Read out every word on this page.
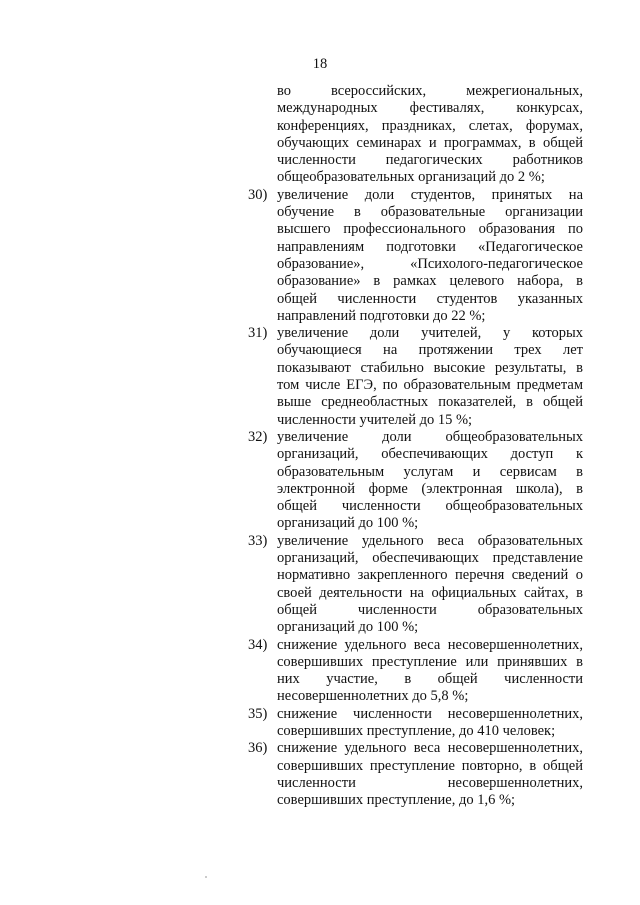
18
во всероссийских, межрегиональных,
международных фестивалях, конкурсах,
конференциях, праздниках, слетах, форумах,
обучающих семинарах и программах, в общей
численности педагогических работников
общеобразовательных организаций до 2 %;
30) увеличение доли студентов, принятых на
обучение в образовательные организации
высшего профессионального образования по
направлениям подготовки «Педагогическое
образование», «Психолого-педагогическое
образование» в рамках целевого набора, в
общей численности студентов указанных
направлений подготовки до 22 %;
31) увеличение доли учителей, у которых
обучающиеся на протяжении трех лет
показывают стабильно высокие результаты, в
том числе ЕГЭ, по образовательным предметам
выше среднеобластных показателей, в общей
численности учителей до 15 %;
32) увеличение доли общеобразовательных
организаций, обеспечивающих доступ к
образовательным услугам и сервисам в
электронной форме (электронная школа), в
общей численности общеобразовательных
организаций до 100 %;
33) увеличение удельного веса образовательных
организаций, обеспечивающих представление
нормативно закрепленного перечня сведений о
своей деятельности на официальных сайтах, в
общей численности образовательных
организаций до 100 %;
34) снижение удельного веса несовершеннолетних,
совершивших преступление или принявших в
них участие, в общей численности
несовершеннолетних до 5,8 %;
35) снижение численности несовершеннолетних,
совершивших преступление, до 410 человек;
36) снижение удельного веса несовершеннолетних,
совершивших преступление повторно, в общей
численности несовершеннолетних,
совершивших преступление, до 1,6 %;
